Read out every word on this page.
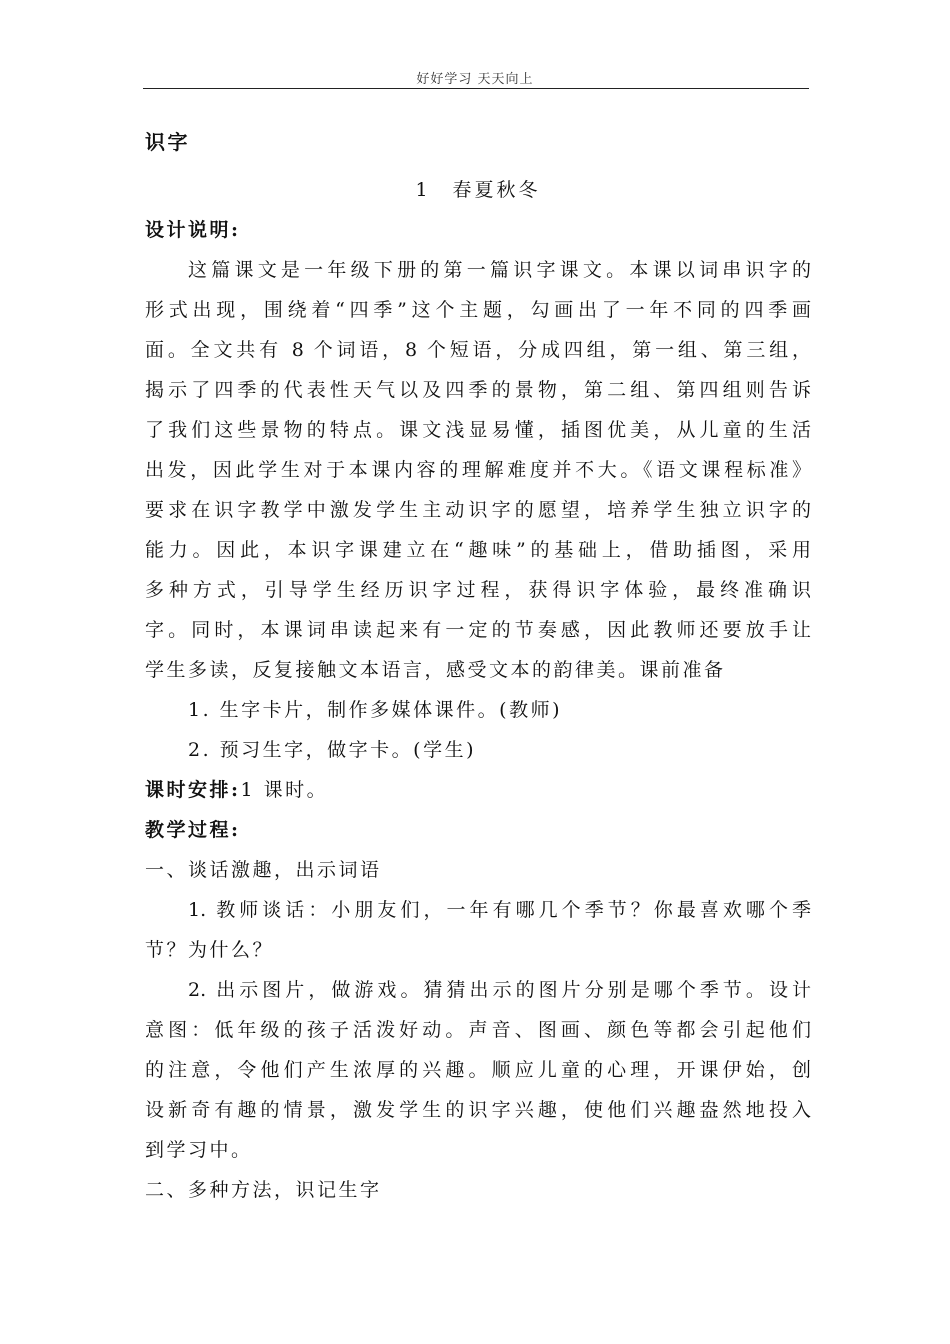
好好学习 天天向上
识字
1　春夏秋冬
设计说明:
这篇课文是一年级下册的第一篇识字课文。本课以词串识字的
形式出现，围绕着“四季”这个主题，勾画出了一年不同的四季画
面。全文共有 8 个词语，8 个短语，分成四组，第一组、第三组，
揭示了四季的代表性天气以及四季的景物，第二组、第四组则告诉
了我们这些景物的特点。课文浅显易懂，插图优美，从儿童的生活
出发，因此学生对于本课内容的理解难度并不大。《语文课程标准》
要求在识字教学中激发学生主动识字的愿望，培养学生独立识字的
能力。因此，本识字课建立在“趣味”的基础上，借助插图，采用
多种方式，引导学生经历识字过程，获得识字体验，最终准确识
字。同时，本课词串读起来有一定的节奏感，因此教师还要放手让
学生多读，反复接触文本语言，感受文本的韵律美。课前准备
1. 生字卡片，制作多媒体课件。(教师)
2. 预习生字，做字卡。(学生)
课时安排:1 课时。
教学过程:
一、谈话激趣，出示词语
1. 教师谈话：小朋友们，一年有哪几个季节？你最喜欢哪个季
节？为什么？
2. 出示图片，做游戏。猜猜出示的图片分别是哪个季节。设计
意图：低年级的孩子活泼好动。声音、图画、颜色等都会引起他们
的注意，令他们产生浓厚的兴趣。顺应儿童的心理，开课伊始，创
设新奇有趣的情景，激发学生的识字兴趣，使他们兴趣盎然地投入
到学习中。
二、多种方法，识记生字
